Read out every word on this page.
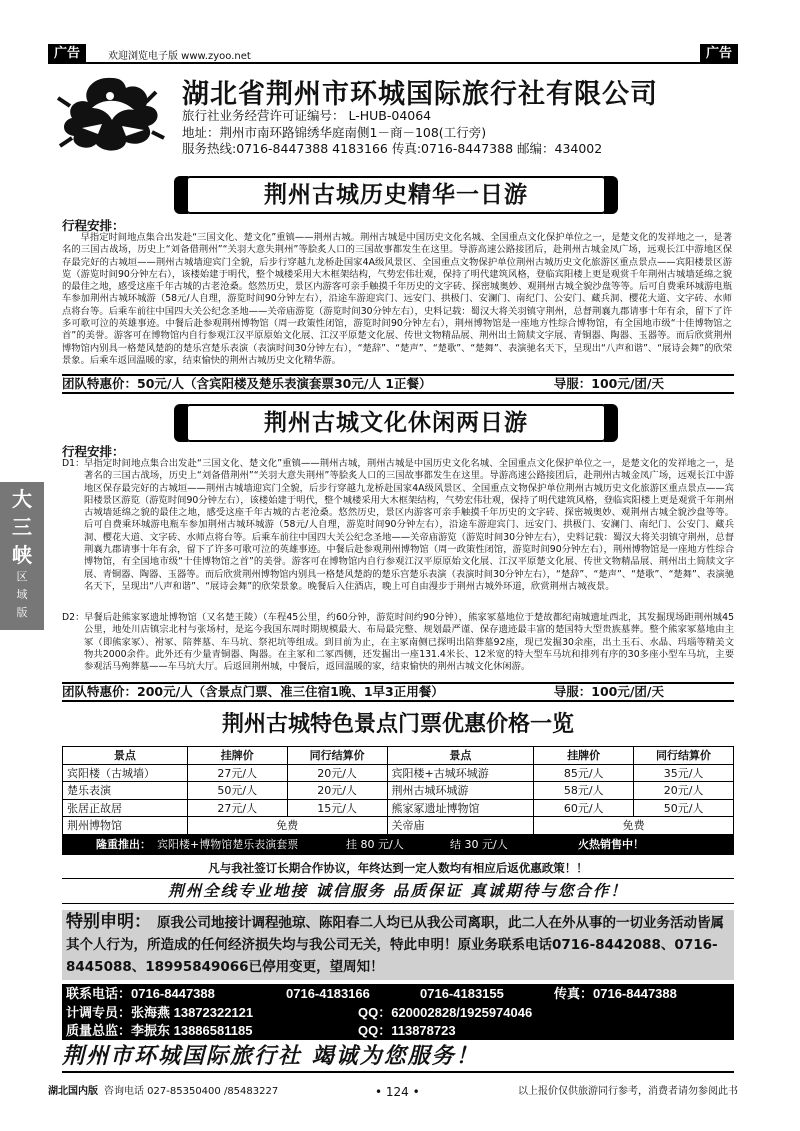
广告	欢迎浏览电子版 www.zyoo.net	广告
湖北省荆州市环城国际旅行社有限公司
旅行社业务经营许可证编号： L-HUB-04064
地址：荆州市南环路锦绣华庭南侧1－商－108(工行旁)
服务热线:0716-8447388 4183166 传真:0716-8447388 邮编：434002
荆州古城历史精华一日游
行程安排：

早指定时间地点集合出发赴“三国文化、楚文化”重镇——荆州古城。荆州古城是中国历史文化名城、全国重点文化保护单位之一，是楚文化的发祥地之一，是著名的三国古战场，历史上“刘备借荆州”“关羽大意失荆州”等脍炙人口的三国故事都发生在这里。导游高速公路接团后，赴荆州古城金凤广场，远观长江中游地区保存最完好的古城垣——荆州古城墙迎宾门全貌，后步行穿越九龙桥赴国家4A级风景区、全国重点文物保护单位荆州古城历史文化旅游区重点景点——宾阳楼景区游览（游览时间90分钟左右），该楼始建于明代，整个城楼采用大木框架结构，气势宏伟壮观，保持了明代建筑风格，登临宾阳楼上更是观赏千年荆州古城墙延绵之貌的最佳之地，感受这座千年古城的古老沧桑。悠然历史，景区内游客可亲手触摸千年历史的文字砖、探密城奥妙、观荆州古城全貌沙盘等等。后可自费乘环城游电瓶车参加荆州古城环城游（58元/人自理，游览时间90分钟左右），沿途车游迎宾门、远安门、拱极门、安澜门、南纪门、公安门、藏兵洞、樱花大道、文字砖、水师点将台等。后乘车前往中国四大关公纪念圣地——关帝庙游览（游览时间30分钟左右），史料记载：蜀汉大将关羽镇守荆州，总督荆襄九郡请事十年有余，留下了许多可歌可泣的英雄事迹。中餐后赴参观荆州博物馆（周一政策性闭馆，游览时间90分钟左右），荆州博物馆是一座地方性综合博物馆，有全国地市级“十佳博物馆之首”的美誉。游客可在博物馆内自行参观江汉平原原始文化展、江汉平原楚文化展、传世文物精品展、荆州出土简牍文字展、青铜器、陶器、玉器等。而后欣赏荆州博物馆内别具一格楚风楚韵的楚乐宫楚乐表演（表演时间30分钟左右），“楚辞”、“楚声”、“楚歌”、“楚舞”、表演驰名天下，呈现出“八声和谐”、“展诗会舞”的欣荣景象。后乘车返回温暖的家，结束愉快的荆州古城历史文化精华游。

团队特惠价：50元/人（含宾阳楼及楚乐表演套票30元/人 1正餐）	导服：100元/团/天
荆州古城文化休闲两日游
行程安排：
D1： 早指定时间地点集合出发赴“三国文化、楚文化”重镇——荆州古城，荆州古城是中国历史文化名城、全国重点文化保护单位之一，是楚文化的发祥地之一，是著名的三国古战场，历史上“刘备借荆州”“关羽大意失荆州”等脍炙人口的三国故事都发生在这里。导游高速公路接团后，赴荆州古城金凤广场，远观长江中游地区保存最完好的古城垣——荆州古城墙迎宾门全貌，后步行穿越九龙桥赴国家4A级风景区、全国重点文物保护单位荆州古城历史文化旅游区重点景点——宾阳楼景区游览（游览时间90分钟左右），该楼始建于明代，整个城楼采用大木框架结构，气势宏伟壮观，保持了明代建筑风格，登临宾阳楼上更是观赏千年荆州古城墙延绵之貌的最佳之地，感受这座千年古城的古老沧桑。悠然历史，景区内游客可亲手触摸千年历史的文字砖、探密城奥妙、观荆州古城全貌沙盘等等。后可自费乘环城游电瓶车参加荆州古城环城游（58元/人自理，游览时间90分钟左右），沿途车游迎宾门、远安门、拱极门、安澜门、南纪门、公安门、藏兵洞、樱花大道、文字砖、水师点将台等。后乘车前往中国四大关公纪念圣地——关帝庙游览（游览时间30分钟左右），史料记载：蜀汉大将关羽镇守荆州，总督荆襄九郡请事十年有余，留下了许多可歌可泣的英雄事迹。中餐后赴参观荆州博物馆（周一政策性闭馆，游览时间90分钟左右），荆州博物馆是一座地方性综合博物馆，有全国地市级“十佳博物馆之首”的美誉。游客可在博物馆内自行参观江汉平原原始文化展、江汉平原楚文化展、传世文物精品展、荆州出土简牍文字展、青铜器、陶器、玉器等。而后欣赏荆州博物馆内别具一格楚风楚韵的楚乐宫楚乐表演（表演时间30分钟左右），“楚辞”、“楚声”、“楚歌”、“楚舞”、表演驰名天下，呈现出“八声和谐”、“展诗会舞”的欣荣景象。晚餐后入住酒店，晚上可自由漫步于荆州古城外环道，欣赏荆州古城夜景。
D2： 早餐后赴熊家冢遗址博物馆（又名楚王陵）（车程45公里，约60分钟，游览时间约90分钟），熊家冢墓地位于楚故都纪南城遗址西北，其发掘现场距荆州城45公里，地处川店镇宗北村与张场村，是迄今我国东周时期规模最大、布局最完整、规划最严谨、保存遗迹最丰富的楚国特大型贵族墓葬。整个熊家冢墓地由主冢（即熊家冢）、袝冢、陪葬墓、车马坑、祭祀坑等组成。到目前为止，在主冢南侧已探明出陪葬墓92座，现已发掘30余座，出土玉石、水晶、玛瑙等精美文物共2000余件。此外还有少量青铜器、陶器。在主冢和二冢西侧，还发掘出一座131.4米长、12米宽的特大型车马坑和排列有序的30多座小型车马坑，主要参观活马殉葬墓——车马坑大厅。后返回荆州城，中餐后，返回温暖的家，结束愉快的荆州古城文化休闲游。
团队特惠价：200元/人（含景点门票、准三住宿1晚、1早3正用餐）	导服：100元/团/天
大
三
峡
区
域
版
荆州古城特色景点门票优惠价格一览
景点	挂牌价	同行结算价	景点	挂牌价	同行结算价
宾阳楼（古城墙）	27元/人	20元/人	宾阳楼+古城环城游	85元/人	35元/人
楚乐表演	50元/人	20元/人	荆州古城环城游	58元/人	20元/人
张居正故居	27元/人	15元/人	熊家冢遗址博物馆	60元/人	50元/人
荆州博物馆	免费		关帝庙	免费	
隆重推出： 宾阳楼+博物馆楚乐表演套票	挂 80 元/人	结 30 元/人	火热销售中！
凡与我社签订长期合作协议，年终达到一定人数均有相应后返优惠政策！！
荆州全线专业地接 诚信服务 品质保证 真诚期待与您合作！
特别申明： 原我公司地接计调程弛琼、陈阳春二人均已从我公司离职，此二人在外从事的一切业务活动皆属其个人行为，所造成的任何经济损失均与我公司无关，特此申明！原业务联系电话0716-8442088、0716-8445088、18995849066已停用变更，望周知！
联系电话：0716-8447388	0716-4183166	0716-4183155	传真：0716-8447388
计调专员：张海燕 13872322121	QQ：620002828/1925974046
质量总监：李振东 13886581185	QQ：113878723
荆州市环城国际旅行社 竭诚为您服务！
湖北国内版 咨询电话 027-85350400 /85483227	• 124 •	以上报价仅供旅游同行参考，消费者请勿参阅此书
